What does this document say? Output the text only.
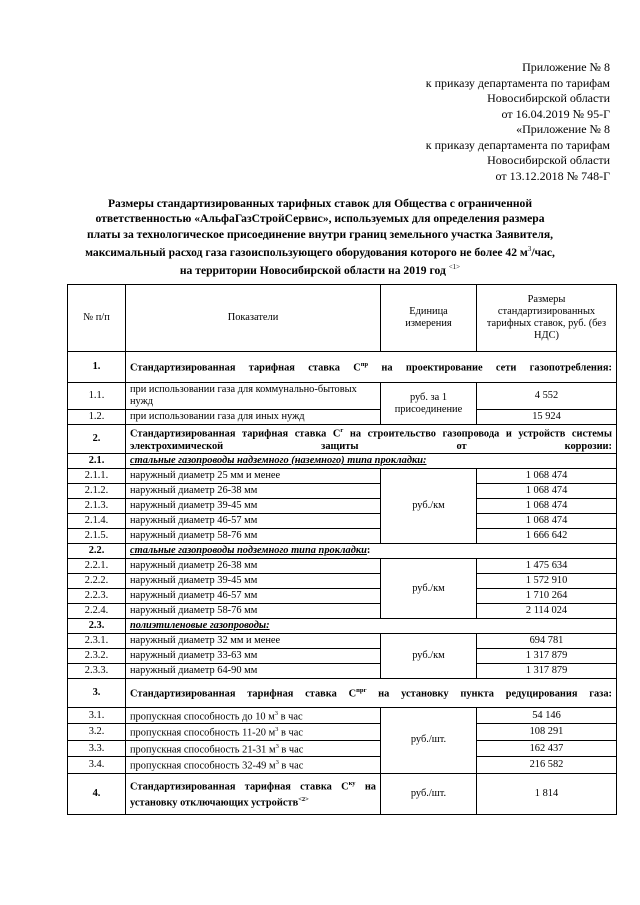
Приложение № 8
к приказу департамента по тарифам
Новосибирской области
от 16.04.2019 № 95-Г
«Приложение № 8
к приказу департамента по тарифам
Новосибирской области
от 13.12.2018 № 748-Г
Размеры стандартизированных тарифных ставок для Общества с ограниченной
ответственностью «АльфаГазСтройСервис», используемых для определения размера
платы за технологическое присоединение внутри границ земельного участка Заявителя,
максимальный расход газа газоиспользующего оборудования которого не более 42 $м^3$/час,
на территории Новосибирской области на 2019 год $^{<1>}$
№ п/п	Показатели	Единица измерения	Размеры стандартизированных тарифных ставок, руб. (без НДС)
1.	Стандартизированная тарифная ставка $С^{пр}$ на проектирование сети газопотребления:		
1.1.	при использовании газа для коммунально-бытовых нужд	руб. за 1 присоединение	4 552
1.2.	при использовании газа для иных нужд		15 924
2.	Стандартизированная тарифная ставка $С^г$ на строительство газопровода и устройств системы электрохимической защиты от коррозии:		
2.1.	стальные газопроводы надземного (наземного) типа прокладки:		
2.1.1.	наружный диаметр 25 мм и менее	руб./км	1 068 474
2.1.2.	наружный диаметр 26-38 мм		1 068 474
2.1.3.	наружный диаметр 39-45 мм		1 068 474
2.1.4.	наружный диаметр 46-57 мм		1 068 474
2.1.5.	наружный диаметр 58-76 мм		1 666 642
2.2.	стальные газопроводы подземного типа прокладки:		
2.2.1.	наружный диаметр 26-38 мм	руб./км	1 475 634
2.2.2.	наружный диаметр 39-45 мм		1 572 910
2.2.3.	наружный диаметр 46-57 мм		1 710 264
2.2.4.	наружный диаметр 58-76 мм		2 114 024
2.3.	полиэтиленовые газопроводы:		
2.3.1.	наружный диаметр 32 мм и менее	руб./км	694 781
2.3.2.	наружный диаметр 33-63 мм		1 317 879
2.3.3.	наружный диаметр 64-90 мм		1 317 879
3.	Стандартизированная тарифная ставка $С^{прг}$ на установку пункта редуцирования газа:		
3.1.	пропускная способность до 10 $м^3$ в час	руб./шт.	54 146
3.2.	пропускная способность 11-20 $м^3$ в час		108 291
3.3.	пропускная способность 21-31 $м^3$ в час		162 437
3.4.	пропускная способность 32-49 $м^3$ в час		216 582
4.	Стандартизированная тарифная ставка $С^{ку}$ на установку отключающих устройств$^{<2>}$	руб./шт.	1 814
